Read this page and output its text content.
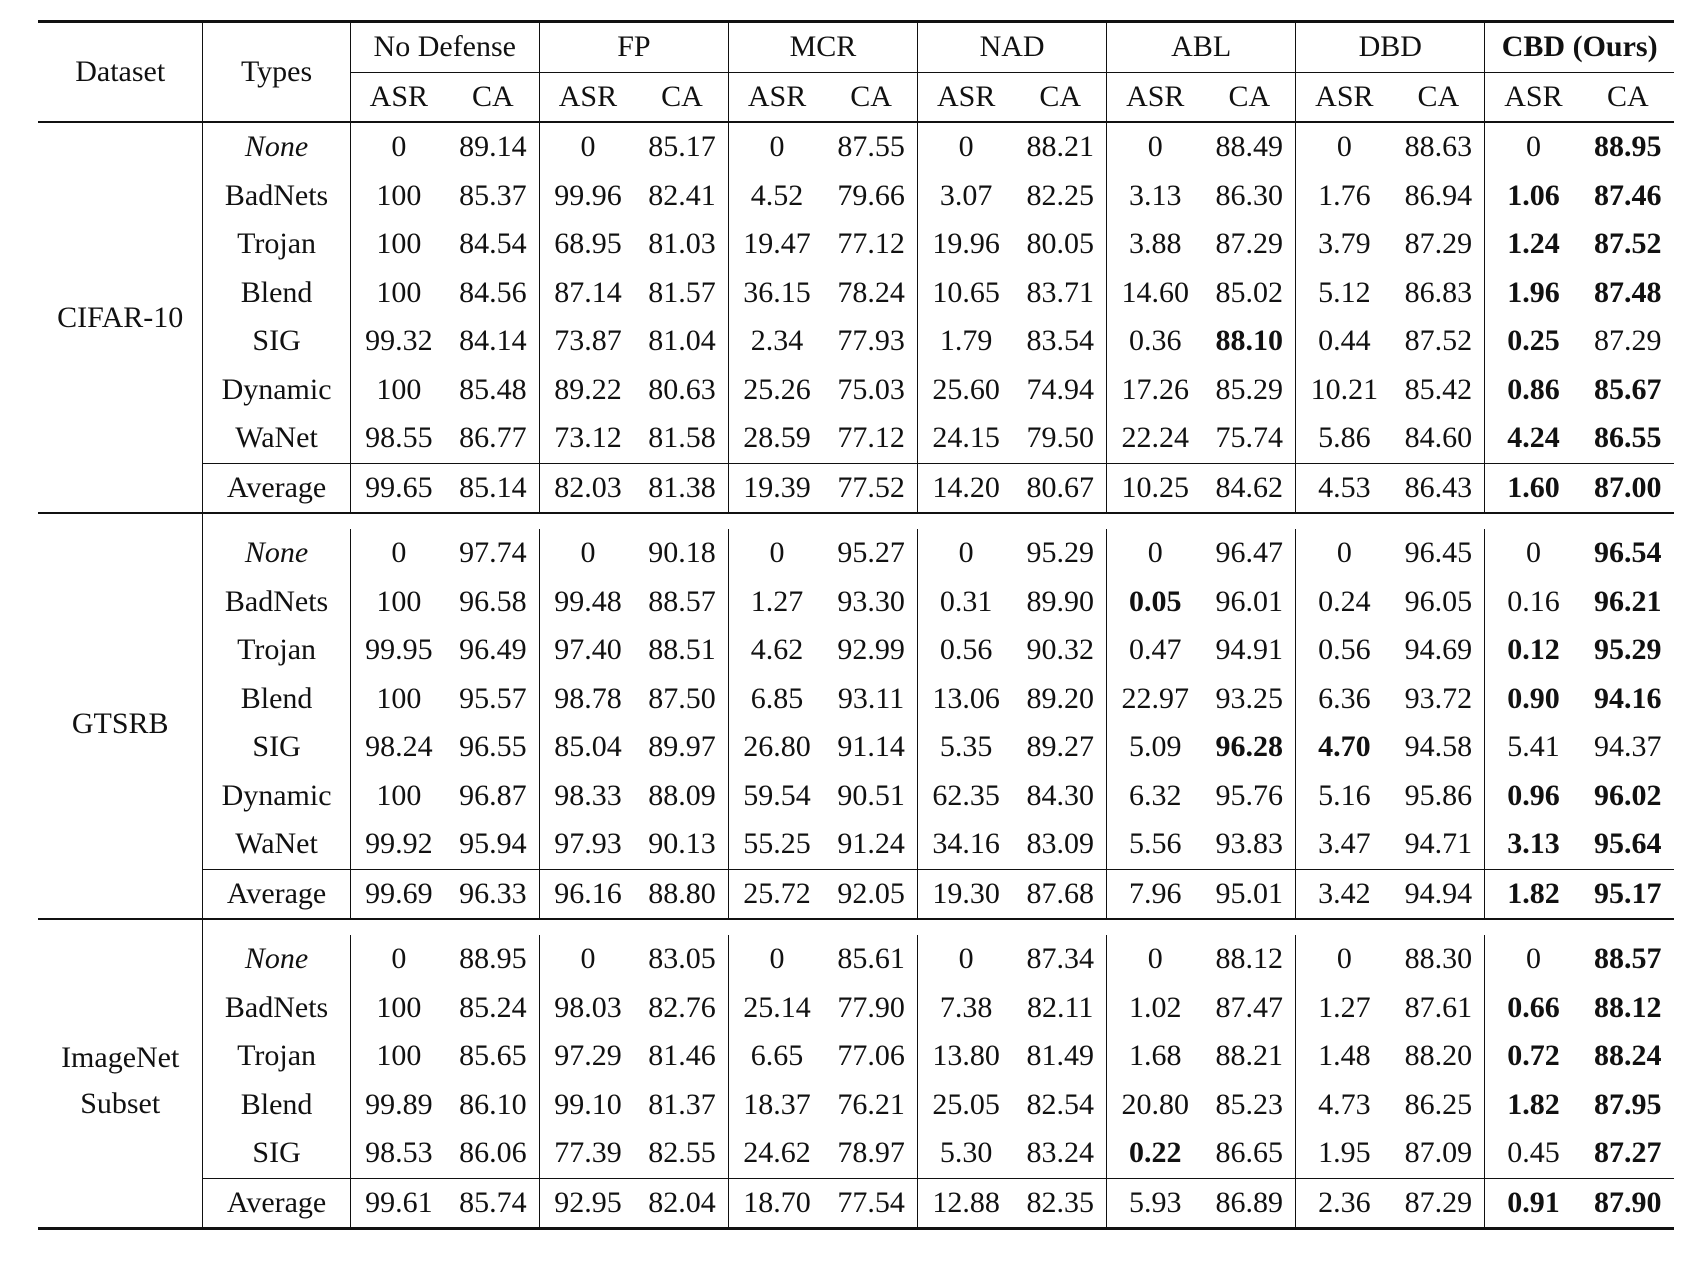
Dataset	Types	No Defense		FP		MCR		NAD		ABL		DBD		CBD (Ours)	
		ASR	CA	ASR	CA	ASR	CA	ASR	CA	ASR	CA	ASR	CA	ASR	CA
CIFAR-10	None	0	89.14	0	85.17	0	87.55	0	88.21	0	88.49	0	88.63	0	88.95
	BadNets	100	85.37	99.96	82.41	4.52	79.66	3.07	82.25	3.13	86.30	1.76	86.94	1.06	87.46
	Trojan	100	84.54	68.95	81.03	19.47	77.12	19.96	80.05	3.88	87.29	3.79	87.29	1.24	87.52
	Blend	100	84.56	87.14	81.57	36.15	78.24	10.65	83.71	14.60	85.02	5.12	86.83	1.96	87.48
	SIG	99.32	84.14	73.87	81.04	2.34	77.93	1.79	83.54	0.36	88.10	0.44	87.52	0.25	87.29
	Dynamic	100	85.48	89.22	80.63	25.26	75.03	25.60	74.94	17.26	85.29	10.21	85.42	0.86	85.67
	WaNet	98.55	86.77	73.12	81.58	28.59	77.12	24.15	79.50	22.24	75.74	5.86	84.60	4.24	86.55
	Average	99.65	85.14	82.03	81.38	19.39	77.52	14.20	80.67	10.25	84.62	4.53	86.43	1.60	87.00

GTSRB	None	0	97.74	0	90.18	0	95.27	0	95.29	0	96.47	0	96.45	0	96.54
	BadNets	100	96.58	99.48	88.57	1.27	93.30	0.31	89.90	0.05	96.01	0.24	96.05	0.16	96.21
	Trojan	99.95	96.49	97.40	88.51	4.62	92.99	0.56	90.32	0.47	94.91	0.56	94.69	0.12	95.29
	Blend	100	95.57	98.78	87.50	6.85	93.11	13.06	89.20	22.97	93.25	6.36	93.72	0.90	94.16
	SIG	98.24	96.55	85.04	89.97	26.80	91.14	5.35	89.27	5.09	96.28	4.70	94.58	5.41	94.37
	Dynamic	100	96.87	98.33	88.09	59.54	90.51	62.35	84.30	6.32	95.76	5.16	95.86	0.96	96.02
	WaNet	99.92	95.94	97.93	90.13	55.25	91.24	34.16	83.09	5.56	93.83	3.47	94.71	3.13	95.64
	Average	99.69	96.33	96.16	88.80	25.72	92.05	19.30	87.68	7.96	95.01	3.42	94.94	1.82	95.17

ImageNet
Subset	None	0	88.95	0	83.05	0	85.61	0	87.34	0	88.12	0	88.30	0	88.57
	BadNets	100	85.24	98.03	82.76	25.14	77.90	7.38	82.11	1.02	87.47	1.27	87.61	0.66	88.12
	Trojan	100	85.65	97.29	81.46	6.65	77.06	13.80	81.49	1.68	88.21	1.48	88.20	0.72	88.24
	Blend	99.89	86.10	99.10	81.37	18.37	76.21	25.05	82.54	20.80	85.23	4.73	86.25	1.82	87.95
	SIG	98.53	86.06	77.39	82.55	24.62	78.97	5.30	83.24	0.22	86.65	1.95	87.09	0.45	87.27
	Average	99.61	85.74	92.95	82.04	18.70	77.54	12.88	82.35	5.93	86.89	2.36	87.29	0.91	87.90
